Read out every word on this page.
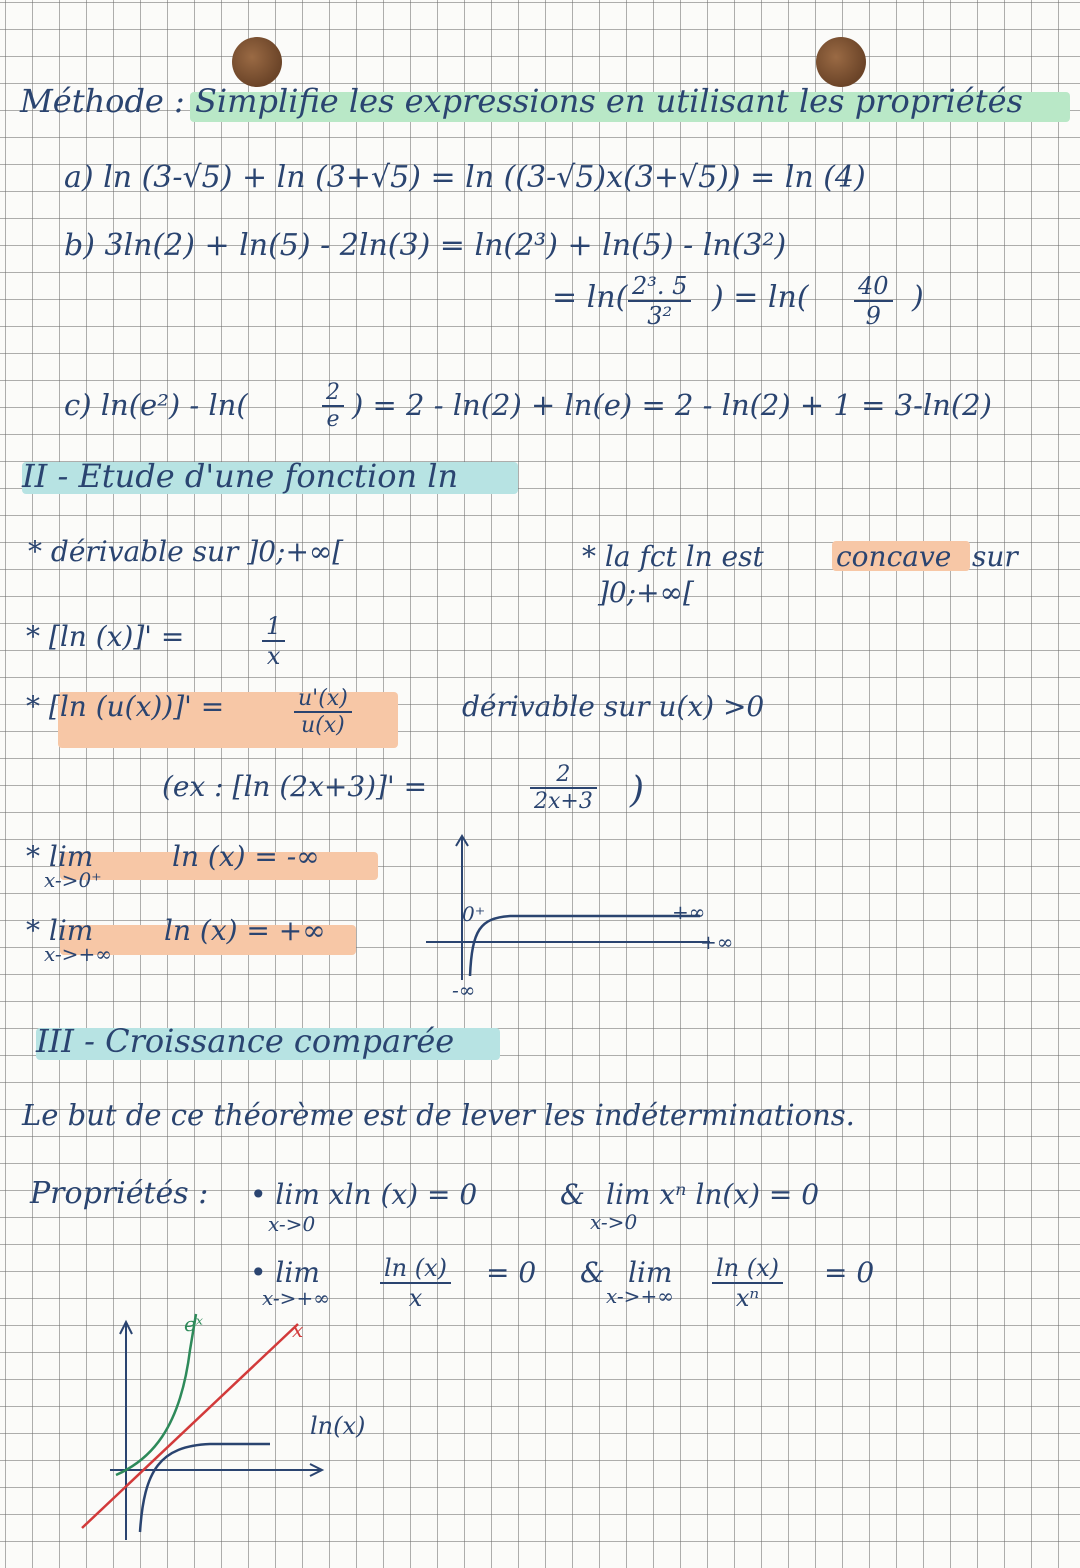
Méthode : Simplifie les expressions en utilisant les propriétés
a) ln (3-√5) + ln (3+√5) = ln ((3-√5)x(3+√5)) = ln (4)
b) 3ln(2) + ln(5) - 2ln(3) = ln(2³) + ln(5) - ln(3²)
= $\ln( \frac{\text{2³. 5}}{\text{3²}}$ ) = $\ln( \frac{40}{9}$ )
c) ln(e²) - ln(	$\frac{2}{e}$ ) = 2 - ln(2) + ln(e) = 2 - ln(2) + 1 = 3-ln(2)
II - Etude d'une fonction ln
* dérivable sur ]0;+∞[	* la fct ln est	concave sur
]0;+∞[
* [ln (x)]' =	$\frac{1}{x}$
* [ln (u(x))]' =	$\frac{u'(x)}{u(x)}$	dérivable sur u(x) >0
(ex : [ln (2x+3)]' =	$\frac{2}{2x+3}$ )
* lim
x->0⁺
ln (x) = -∞
* lim
x->+∞
ln (x) = +∞	0⁺	+∞
+∞
-∞
III - Croissance comparée
Le but de ce théorème est de lever les indéterminations.
Propriétés : • lim xln (x) = 0
x->0
& lim xⁿ ln(x) = 0
x->0
• lim
$x->+\infty \frac{\ln (x)}{x} = 0$ & lim
$x->+\infty \frac{\ln (x)}{\text{xⁿ}} = 0$
eˣ	x
ln(x)
